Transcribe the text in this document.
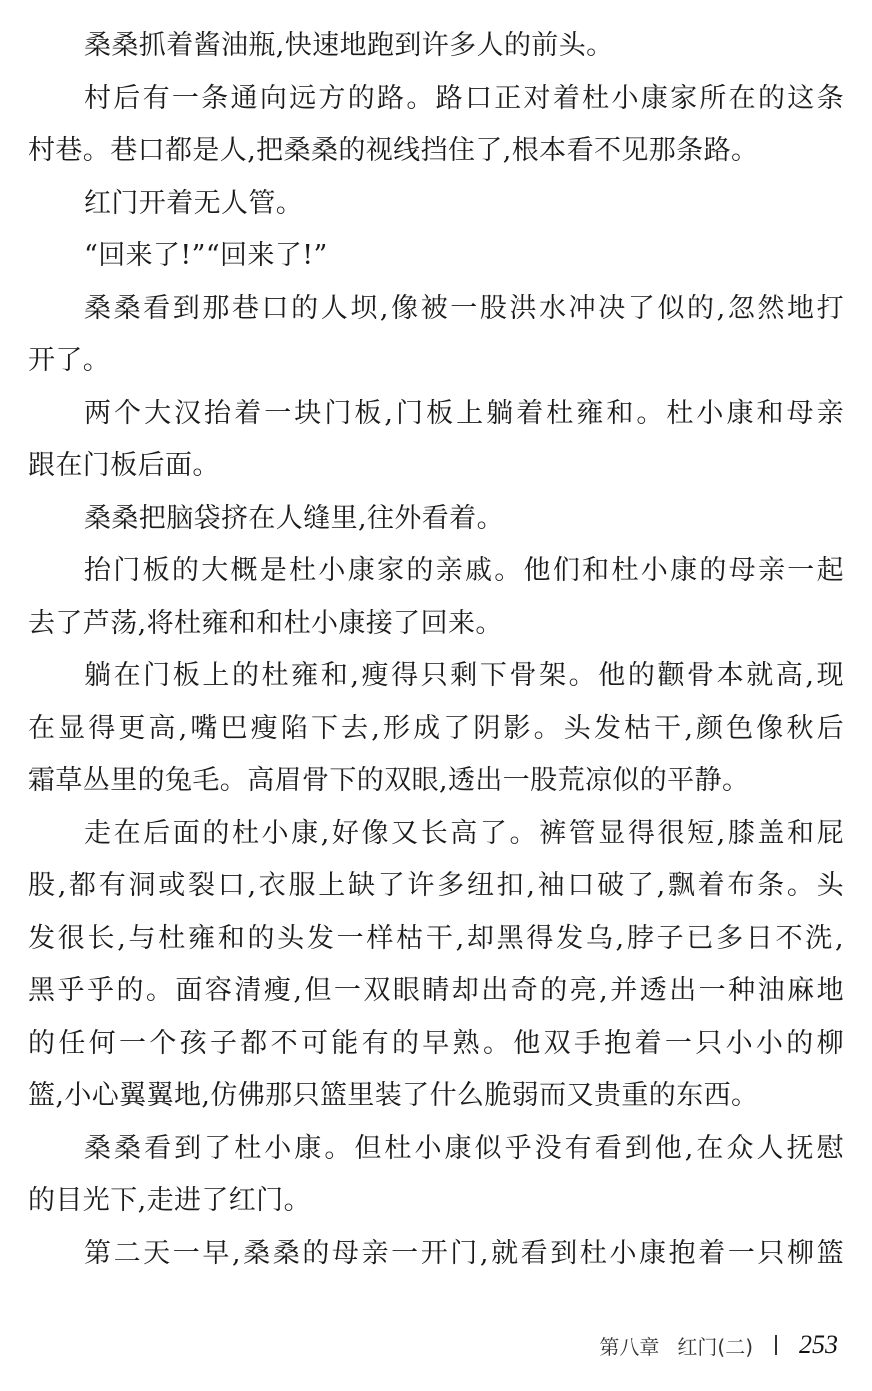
桑桑抓着酱油瓶,快速地跑到许多人的前头。
村后有一条通向远方的路。路口正对着杜小康家所在的这条
村巷。巷口都是人,把桑桑的视线挡住了,根本看不见那条路。
红门开着无人管。
“回来了!”“回来了!”
桑桑看到那巷口的人坝,像被一股洪水冲决了似的,忽然地打
开了。
两个大汉抬着一块门板,门板上躺着杜雍和。杜小康和母亲
跟在门板后面。
桑桑把脑袋挤在人缝里,往外看着。
抬门板的大概是杜小康家的亲戚。他们和杜小康的母亲一起
去了芦荡,将杜雍和和杜小康接了回来。
躺在门板上的杜雍和,瘦得只剩下骨架。他的颧骨本就高,现
在显得更高,嘴巴瘦陷下去,形成了阴影。头发枯干,颜色像秋后
霜草丛里的兔毛。高眉骨下的双眼,透出一股荒凉似的平静。
走在后面的杜小康,好像又长高了。裤管显得很短,膝盖和屁
股,都有洞或裂口,衣服上缺了许多纽扣,袖口破了,飘着布条。头
发很长,与杜雍和的头发一样枯干,却黑得发乌,脖子已多日不洗,
黑乎乎的。面容清瘦,但一双眼睛却出奇的亮,并透出一种油麻地
的任何一个孩子都不可能有的早熟。他双手抱着一只小小的柳
篮,小心翼翼地,仿佛那只篮里装了什么脆弱而又贵重的东西。
桑桑看到了杜小康。但杜小康似乎没有看到他,在众人抚慰
的目光下,走进了红门。
第二天一早,桑桑的母亲一开门,就看到杜小康抱着一只柳篮
第八章 红门(二) 253
